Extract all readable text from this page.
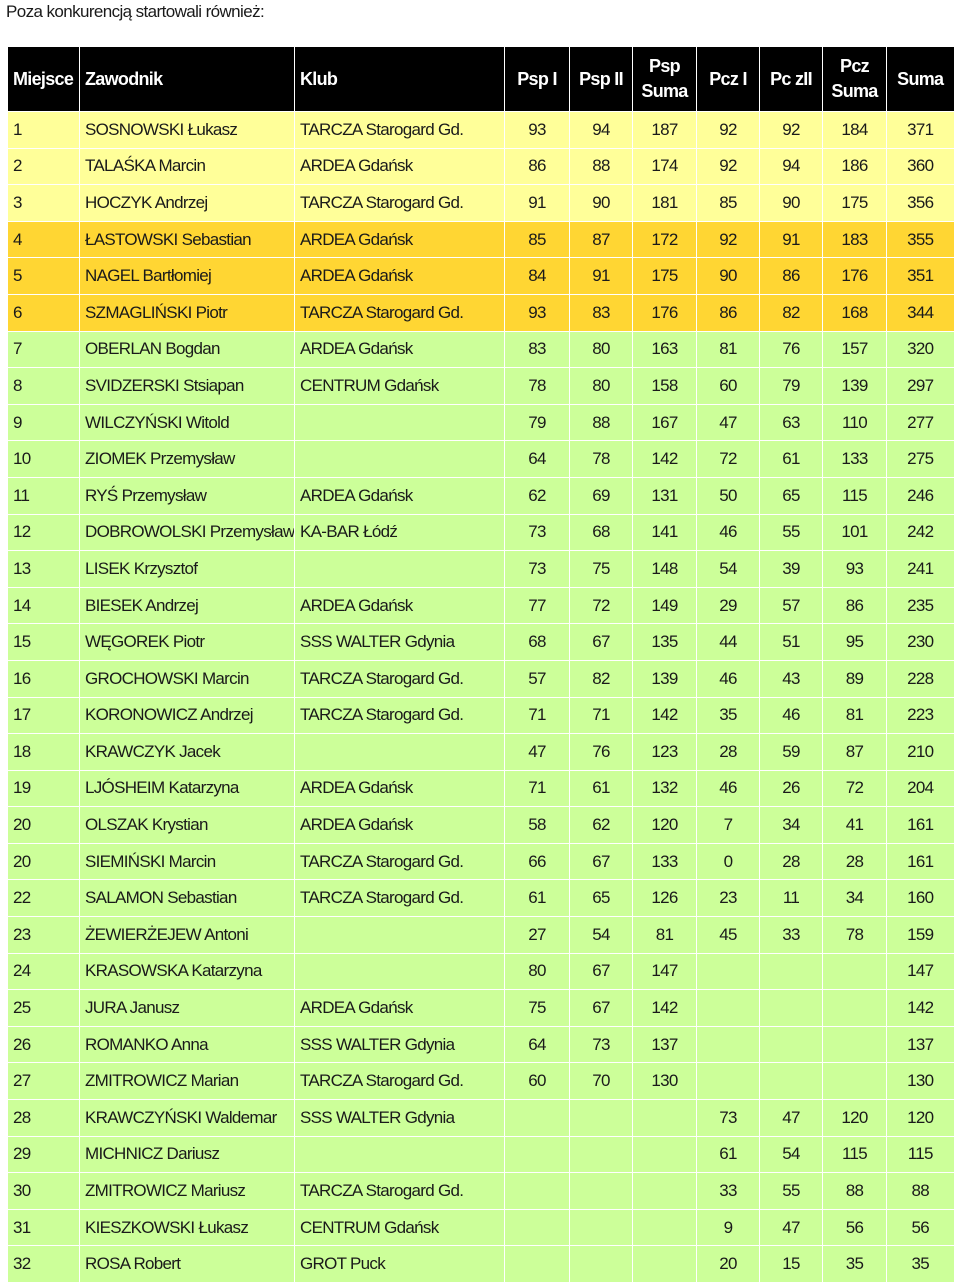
Poza konkurencją startowali również:
Miejsce	Zawodnik	Klub	Psp I	Psp II	Psp Suma	Pcz I	Pc zII	Pcz Suma	Suma
1	SOSNOWSKI Łukasz	TARCZA Starogard Gd.	93	94	187	92	92	184	371
2	TALAŚKA Marcin	ARDEA Gdańsk	86	88	174	92	94	186	360
3	HOCZYK Andrzej	TARCZA Starogard Gd.	91	90	181	85	90	175	356
4	ŁASTOWSKI Sebastian	ARDEA Gdańsk	85	87	172	92	91	183	355
5	NAGEL Bartłomiej	ARDEA Gdańsk	84	91	175	90	86	176	351
6	SZMAGLIŃSKI Piotr	TARCZA Starogard Gd.	93	83	176	86	82	168	344
7	OBERLAN Bogdan	ARDEA Gdańsk	83	80	163	81	76	157	320
8	SVIDZERSKI Stsiapan	CENTRUM Gdańsk	78	80	158	60	79	139	297
9	WILCZYŃSKI Witold		79	88	167	47	63	110	277
10	ZIOMEK Przemysław		64	78	142	72	61	133	275
11	RYŚ Przemysław	ARDEA Gdańsk	62	69	131	50	65	115	246
12	DOBROWOLSKI Przemysław	KA-BAR Łódź	73	68	141	46	55	101	242
13	LISEK Krzysztof		73	75	148	54	39	93	241
14	BIESEK Andrzej	ARDEA Gdańsk	77	72	149	29	57	86	235
15	WĘGOREK Piotr	SSS WALTER Gdynia	68	67	135	44	51	95	230
16	GROCHOWSKI Marcin	TARCZA Starogard Gd.	57	82	139	46	43	89	228
17	KORONOWICZ Andrzej	TARCZA Starogard Gd.	71	71	142	35	46	81	223
18	KRAWCZYK Jacek		47	76	123	28	59	87	210
19	LJÓSHEIM Katarzyna	ARDEA Gdańsk	71	61	132	46	26	72	204
20	OLSZAK Krystian	ARDEA Gdańsk	58	62	120	7	34	41	161
20	SIEMIŃSKI Marcin	TARCZA Starogard Gd.	66	67	133	0	28	28	161
22	SALAMON Sebastian	TARCZA Starogard Gd.	61	65	126	23	11	34	160
23	ŻEWIERŻEJEW Antoni		27	54	81	45	33	78	159
24	KRASOWSKA Katarzyna		80	67	147				147
25	JURA Janusz	ARDEA Gdańsk	75	67	142				142
26	ROMANKO Anna	SSS WALTER Gdynia	64	73	137				137
27	ZMITROWICZ Marian	TARCZA Starogard Gd.	60	70	130				130
28	KRAWCZYŃSKI Waldemar	SSS WALTER Gdynia				73	47	120	120
29	MICHNICZ Dariusz					61	54	115	115
30	ZMITROWICZ Mariusz	TARCZA Starogard Gd.				33	55	88	88
31	KIESZKOWSKI Łukasz	CENTRUM Gdańsk				9	47	56	56
32	ROSA Robert	GROT Puck				20	15	35	35
